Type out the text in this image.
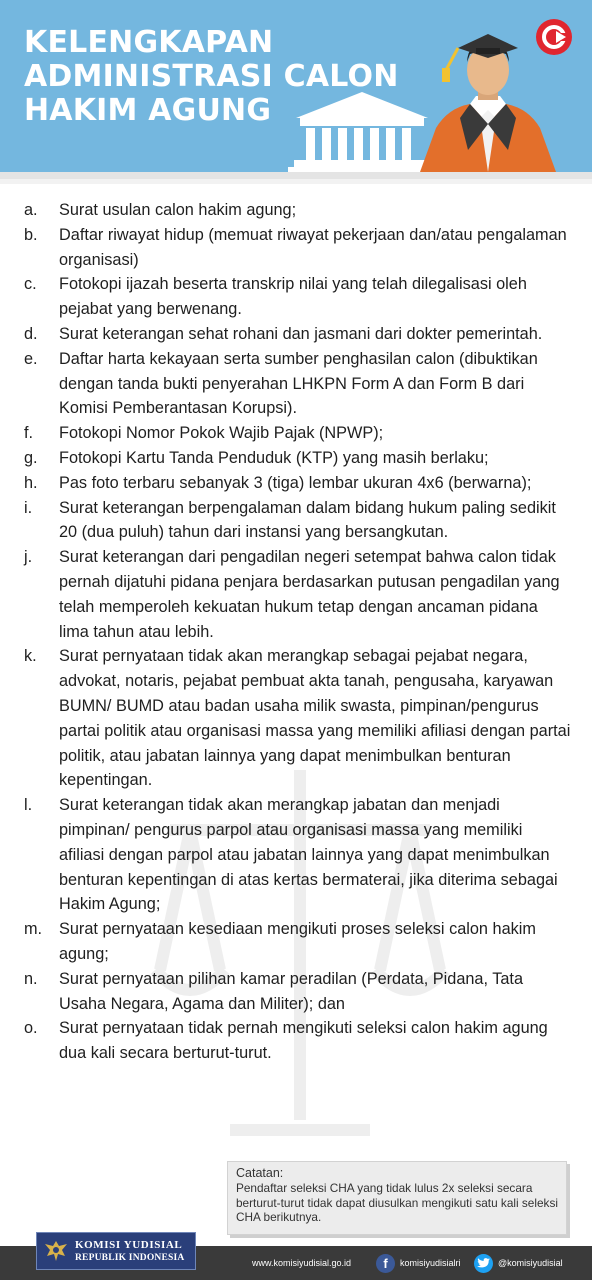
KELENGKAPAN
ADMINISTRASI CALON
HAKIM AGUNG
a. Surat usulan calon hakim agung;
b. Daftar riwayat hidup (memuat riwayat pekerjaan dan/atau pengalaman organisasi)
c. Fotokopi ijazah beserta transkrip nilai yang telah dilegalisasi oleh pejabat yang berwenang.
d. Surat keterangan sehat rohani dan jasmani dari dokter pemerintah.
e. Daftar harta kekayaan serta sumber penghasilan calon (dibuktikan dengan tanda bukti penyerahan LHKPN Form A dan Form B dari Komisi Pemberantasan Korupsi).
f. Fotokopi Nomor Pokok Wajib Pajak (NPWP);
g. Fotokopi Kartu Tanda Penduduk (KTP) yang masih berlaku;
h. Pas foto terbaru sebanyak 3 (tiga) lembar ukuran 4x6 (berwarna);
i. Surat keterangan berpengalaman dalam bidang hukum paling sedikit 20 (dua puluh) tahun dari instansi yang bersangkutan.
j. Surat keterangan dari pengadilan negeri setempat bahwa calon tidak pernah dijatuhi pidana penjara berdasarkan putusan pengadilan yang telah memperoleh kekuatan hukum tetap dengan ancaman pidana lima tahun atau lebih.
k. Surat pernyataan tidak akan merangkap sebagai pejabat negara, advokat, notaris, pejabat pembuat akta tanah, pengusaha, karyawan BUMN/ BUMD atau badan usaha milik swasta, pimpinan/pengurus partai politik atau organisasi massa yang memiliki afiliasi dengan partai politik, atau jabatan lainnya yang dapat menimbulkan benturan kepentingan.
l. Surat keterangan tidak akan merangkap jabatan dan menjadi pimpinan/ pengurus parpol atau organisasi massa yang memiliki afiliasi dengan parpol atau jabatan lainnya yang dapat menimbulkan benturan kepentingan di atas kertas bermaterai, jika diterima sebagai Hakim Agung;
m. Surat pernyataan kesediaan mengikuti proses seleksi calon hakim agung;
n. Surat pernyataan pilihan kamar peradilan (Perdata, Pidana, Tata Usaha Negara, Agama dan Militer); dan
o. Surat pernyataan tidak pernah mengikuti seleksi calon hakim agung dua kali secara berturut-turut.
Catatan:
Pendaftar seleksi CHA yang tidak lulus 2x seleksi secara berturut-turut tidak dapat diusulkan mengikuti satu kali seleksi CHA berikutnya.
KOMISI YUDISIAL
REPUBLIK INDONESIA	www.komisiyudisial.go.id	f	komisiyudisialri	@komisiyudisial
